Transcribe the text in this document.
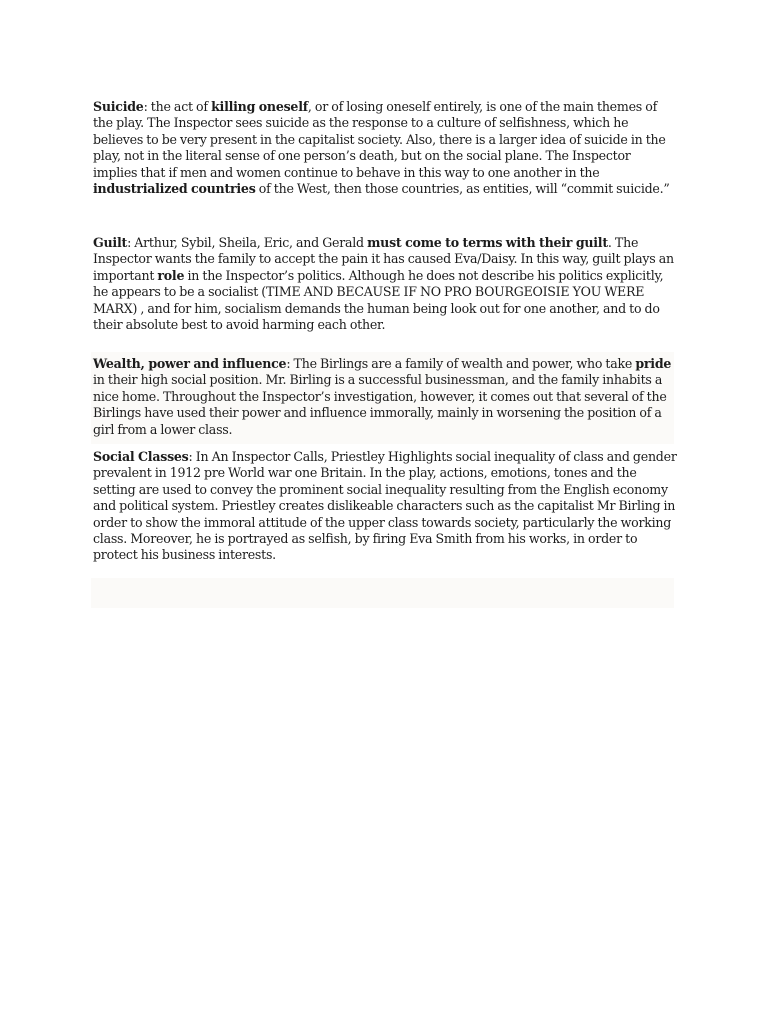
Suicide: the act of killing oneself, or of losing oneself entirely, is one of the main themes of the play. The Inspector sees suicide as the response to a culture of selfishness, which he believes to be very present in the capitalist society. Also, there is a larger idea of suicide in the play, not in the literal sense of one person’s death, but on the social plane. The Inspector implies that if men and women continue to behave in this way to one another in the industrialized countries of the West, then those countries, as entities, will “commit suicide.”

Guilt: Arthur, Sybil, Sheila, Eric, and Gerald must come to terms with their guilt. The Inspector wants the family to accept the pain it has caused Eva/Daisy. In this way, guilt plays an important role in the Inspector’s politics. Although he does not describe his politics explicitly, he appears to be a socialist (TIME AND BECAUSE IF NO PRO BOURGEOISIE YOU WERE MARX) , and for him, socialism demands the human being look out for one another, and to do their absolute best to avoid harming each other.

Wealth, power and influence: The Birlings are a family of wealth and power, who take pride in their high social position. Mr. Birling is a successful businessman, and the family inhabits a nice home. Throughout the Inspector’s investigation, however, it comes out that several of the Birlings have used their power and influence immorally, mainly in worsening the position of a girl from a lower class.

Social Classes: In An Inspector Calls, Priestley Highlights social inequality of class and gender prevalent in 1912 pre World war one Britain. In the play, actions, emotions, tones and the setting are used to convey the prominent social inequality resulting from the English economy and political system. Priestley creates dislikeable characters such as the capitalist Mr Birling in order to show the immoral attitude of the upper class towards society, particularly the working class. Moreover, he is portrayed as selfish, by firing Eva Smith from his works, in order to protect his business interests.
